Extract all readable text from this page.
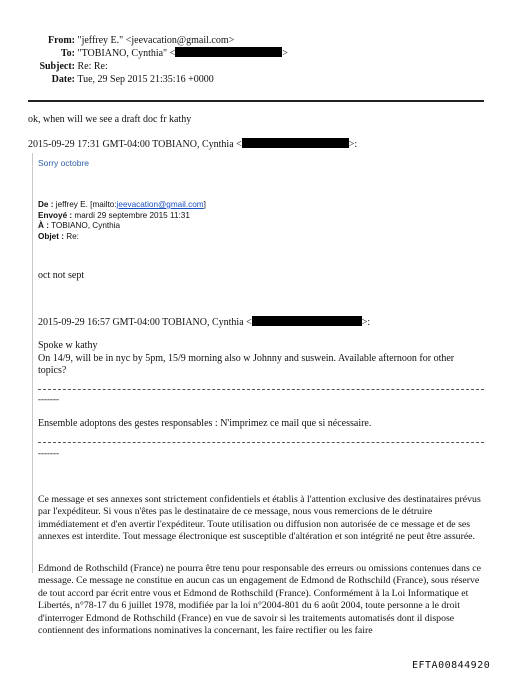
From: "jeffrey E." <jeevacation@gmail.com>
To: "TOBIANO, Cynthia" <	>
Subject: Re: Re:
Date: Tue, 29 Sep 2015 21:35:16 +0000
ok, when will we see a draft doc fr kathy
2015-09-29 17:31 GMT-04:00 TOBIANO, Cynthia <	>:
Sorry octobre
De : jeffrey E. [mailto:jeevacation@gmail.com]
Envoyé : mardi 29 septembre 2015 11:31
À : TOBIANO, Cynthia
Objet : Re:
oct not sept
2015-09-29 16:57 GMT-04:00 TOBIANO, Cynthia <	>:
Spoke w kathy
On 14/9, will be in nyc by 5pm, 15/9 morning also w Johnny and suswein. Available afternoon for other
topics?
-------
Ensemble adoptons des gestes responsables : N'imprimez ce mail que si nécessaire.
-------
Ce message et ses annexes sont strictement confidentiels et établis à l'attention exclusive des destinataires prévus par l'expéditeur. Si vous n'êtes pas le destinataire de ce message, nous vous remercions de le détruire immédiatement et d'en avertir l'expéditeur. Toute utilisation ou diffusion non autorisée de ce message et de ses annexes est interdite. Tout message électronique est susceptible d'altération et son intégrité ne peut être assurée.
Edmond de Rothschild (France) ne pourra être tenu pour responsable des erreurs ou omissions contenues dans ce message. Ce message ne constitue en aucun cas un engagement de Edmond de Rothschild (France), sous réserve de tout accord par écrit entre vous et Edmond de Rothschild (France). Conformément à la Loi Informatique et Libertés, n°78-17 du 6 juillet 1978, modifiée par la loi n°2004-801 du 6 août 2004, toute personne a le droit d'interroger Edmond de Rothschild (France) en vue de savoir si les traitements automatisés dont il dispose contiennent des informations nominatives la concernant, les faire rectifier ou les faire
EFTA00844920
